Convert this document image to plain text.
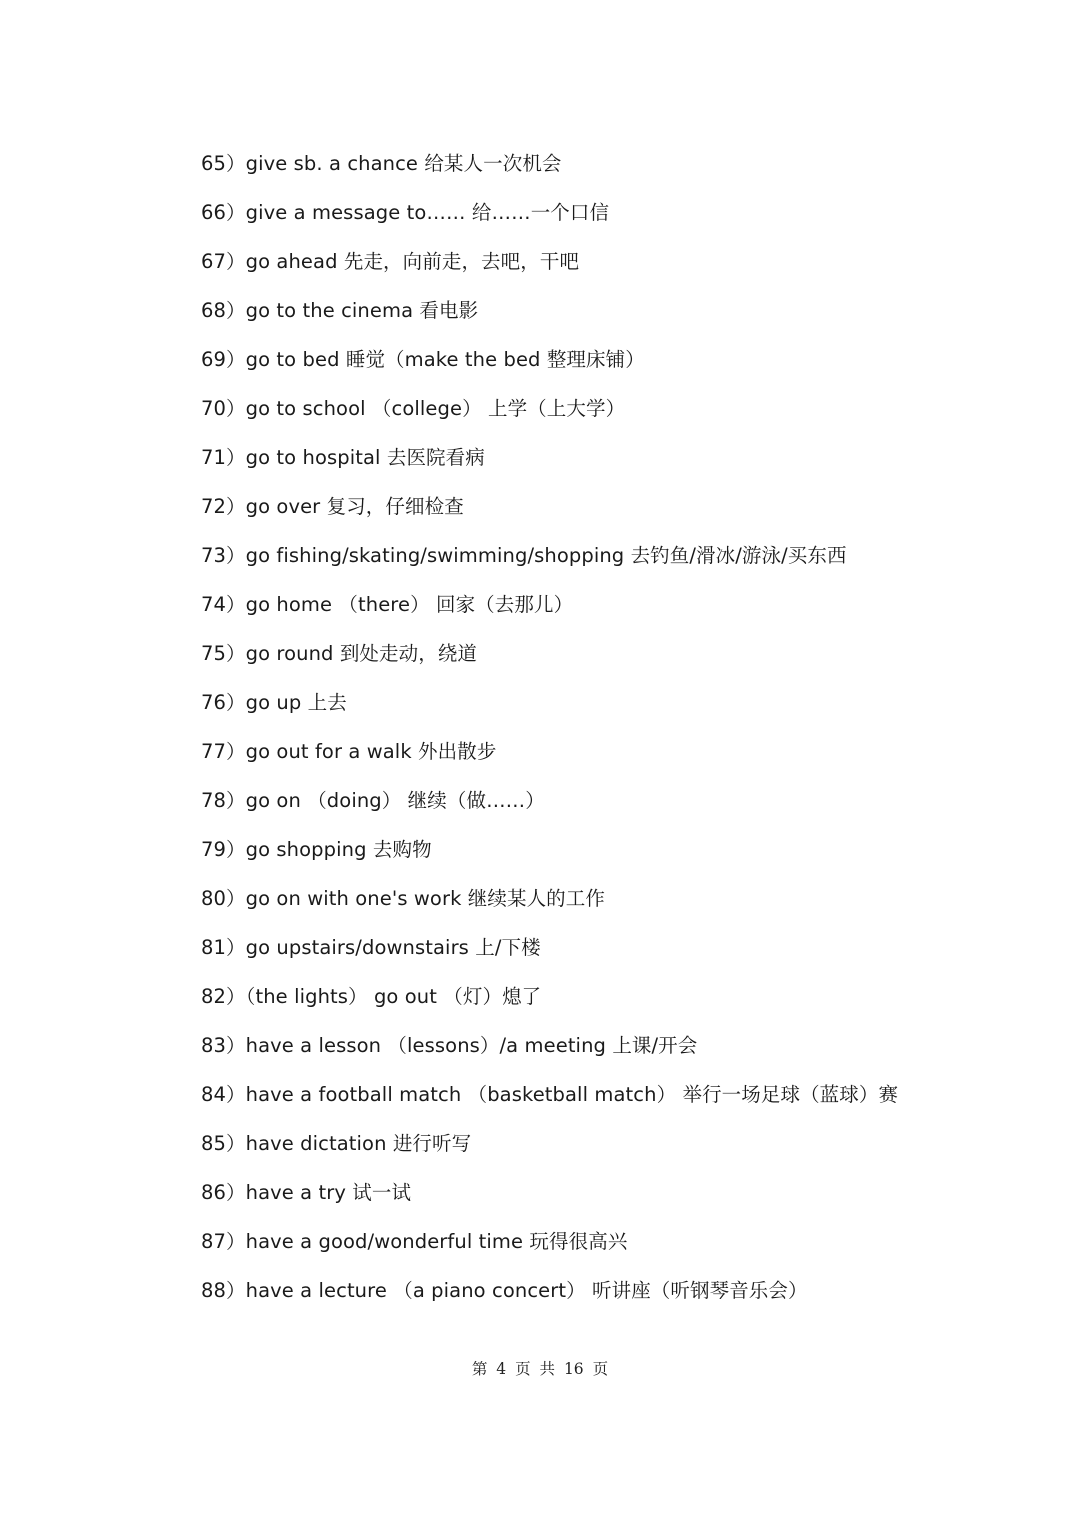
65）give sb. a chance 给某人一次机会
66）give a message to…… 给……一个口信
67）go ahead 先走，向前走，去吧，干吧
68）go to the cinema 看电影
69）go to bed 睡觉（make the bed 整理床铺）
70）go to school （college） 上学（上大学）
71）go to hospital 去医院看病
72）go over 复习，仔细检查
73）go fishing/skating/swimming/shopping 去钓鱼/滑冰/游泳/买东西
74）go home （there） 回家（去那儿）
75）go round 到处走动，绕道
76）go up 上去
77）go out for a walk 外出散步
78）go on （doing） 继续（做……）
79）go shopping 去购物
80）go on with one's work 继续某人的工作
81）go upstairs/downstairs 上/下楼
82）（the lights） go out （灯）熄了
83）have a lesson （lessons）/a meeting 上课/开会
84）have a football match （basketball match） 举行一场足球（蓝球）赛
85）have dictation 进行听写
86）have a try 试一试
87）have a good/wonderful time 玩得很高兴
88）have a lecture （a piano concert） 听讲座（听钢琴音乐会）
第 4 页 共 16 页
